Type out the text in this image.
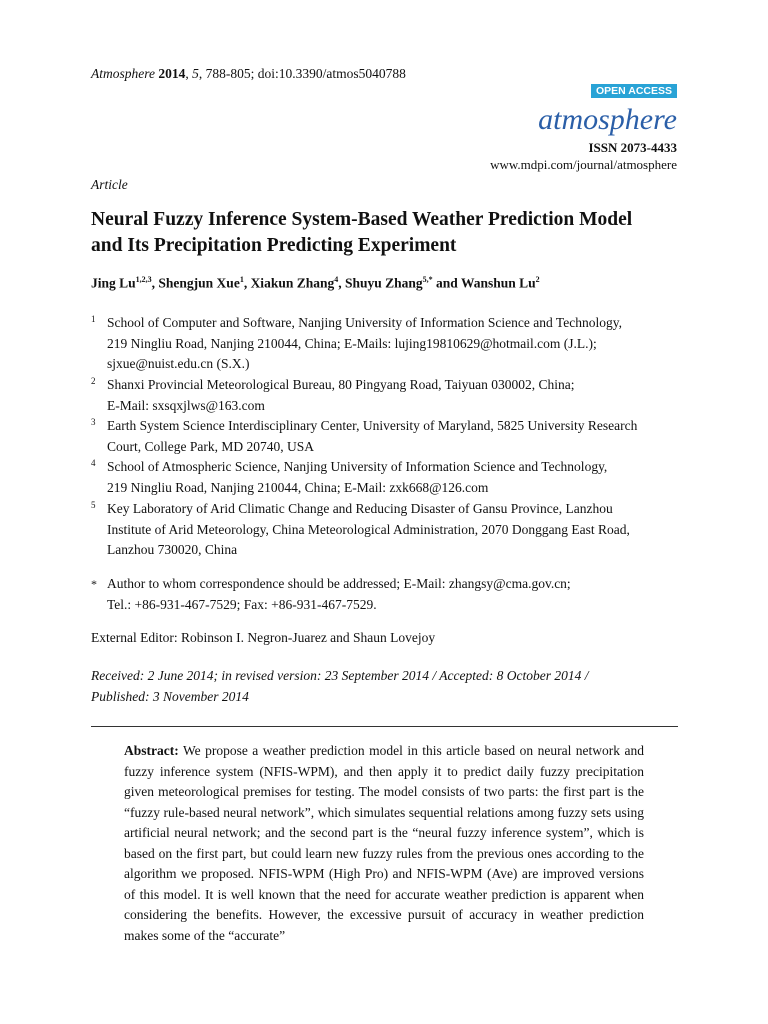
Atmosphere 2014, 5, 788-805; doi:10.3390/atmos5040788
OPEN ACCESS
atmosphere
ISSN 2073-4433
www.mdpi.com/journal/atmosphere
Article
Neural Fuzzy Inference System-Based Weather Prediction Model and Its Precipitation Predicting Experiment
Jing Lu$^{1,2,3}$, Shengjun Xue$^1$, Xiakun Zhang$^4$, Shuyu Zhang$^{5,*}$ and Wanshun Lu$^2$
1 School of Computer and Software, Nanjing University of Information Science and Technology,
219 Ningliu Road, Nanjing 210044, China; E-Mails: lujing19810629@hotmail.com (J.L.);
sjxue@nuist.edu.cn (S.X.)
2 Shanxi Provincial Meteorological Bureau, 80 Pingyang Road, Taiyuan 030002, China;
E-Mail: sxsqxjlws@163.com
3 Earth System Science Interdisciplinary Center, University of Maryland, 5825 University Research
Court, College Park, MD 20740, USA
4 School of Atmospheric Science, Nanjing University of Information Science and Technology,
219 Ningliu Road, Nanjing 210044, China; E-Mail: zxk668@126.com
5 Key Laboratory of Arid Climatic Change and Reducing Disaster of Gansu Province, Lanzhou
Institute of Arid Meteorology, China Meteorological Administration, 2070 Donggang East Road,
Lanzhou 730020, China
* Author to whom correspondence should be addressed; E-Mail: zhangsy@cma.gov.cn;
Tel.: +86-931-467-7529; Fax: +86-931-467-7529.
External Editor: Robinson I. Negron-Juarez and Shaun Lovejoy
Received: 2 June 2014; in revised version: 23 September 2014 / Accepted: 8 October 2014 /
Published: 3 November 2014
Abstract: We propose a weather prediction model in this article based on neural network and fuzzy inference system (NFIS-WPM), and then apply it to predict daily fuzzy precipitation given meteorological premises for testing. The model consists of two parts: the first part is the “fuzzy rule-based neural network”, which simulates sequential relations among fuzzy sets using artificial neural network; and the second part is the “neural fuzzy inference system”, which is based on the first part, but could learn new fuzzy rules from the previous ones according to the algorithm we proposed. NFIS-WPM (High Pro) and NFIS-WPM (Ave) are improved versions of this model. It is well known that the need for accurate weather prediction is apparent when considering the benefits. However, the excessive pursuit of accuracy in weather prediction makes some of the “accurate”
